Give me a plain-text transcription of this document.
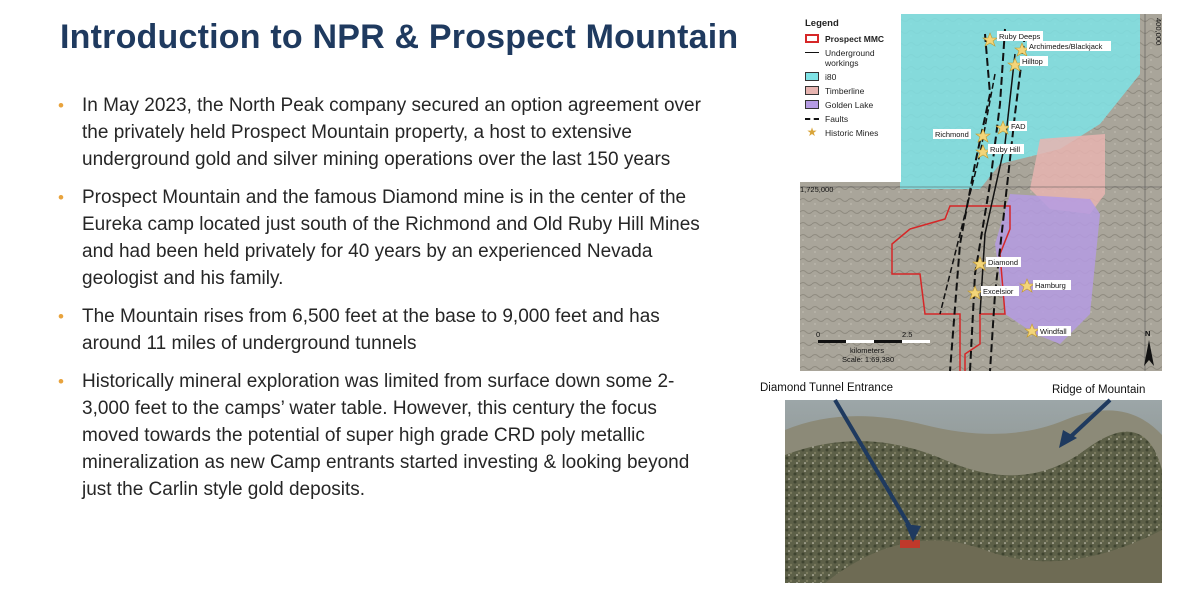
Introduction to NPR & Prospect Mountain
• In May 2023, the North Peak company secured an option agreement over the privately held Prospect Mountain property, a host to extensive underground gold and silver mining operations over the last 150 years
• Prospect Mountain and the famous Diamond mine is in the center of the Eureka camp located just south of the Richmond and Old Ruby Hill Mines and had been held privately for 40 years by an experienced Nevada geologist and his family.
• The Mountain rises from 6,500 feet at the base to 9,000 feet and has around 11 miles of underground tunnels
• Historically mineral exploration was limited from surface down some 2-3,000 feet to the camps’ water table. However, this century the focus moved towards the potential of super high grade CRD poly metallic mineralization as new Camp entrants started investing & looking beyond just the Carlin style gold deposits.
Ruby Deeps
Archimedes/Blackjack
Hilltop
FAD
Richmond
Ruby Hill
Diamond
Excelsior
Hamburg
Windfall
1,725,000
400,000
0	2.5
kilometers
Scale: 1:69,380
N
Legend
Prospect MMC
Underground workings
i80
Timberline
Golden Lake
Faults
★ Historic Mines
Diamond Tunnel Entrance	Ridge of Mountain
